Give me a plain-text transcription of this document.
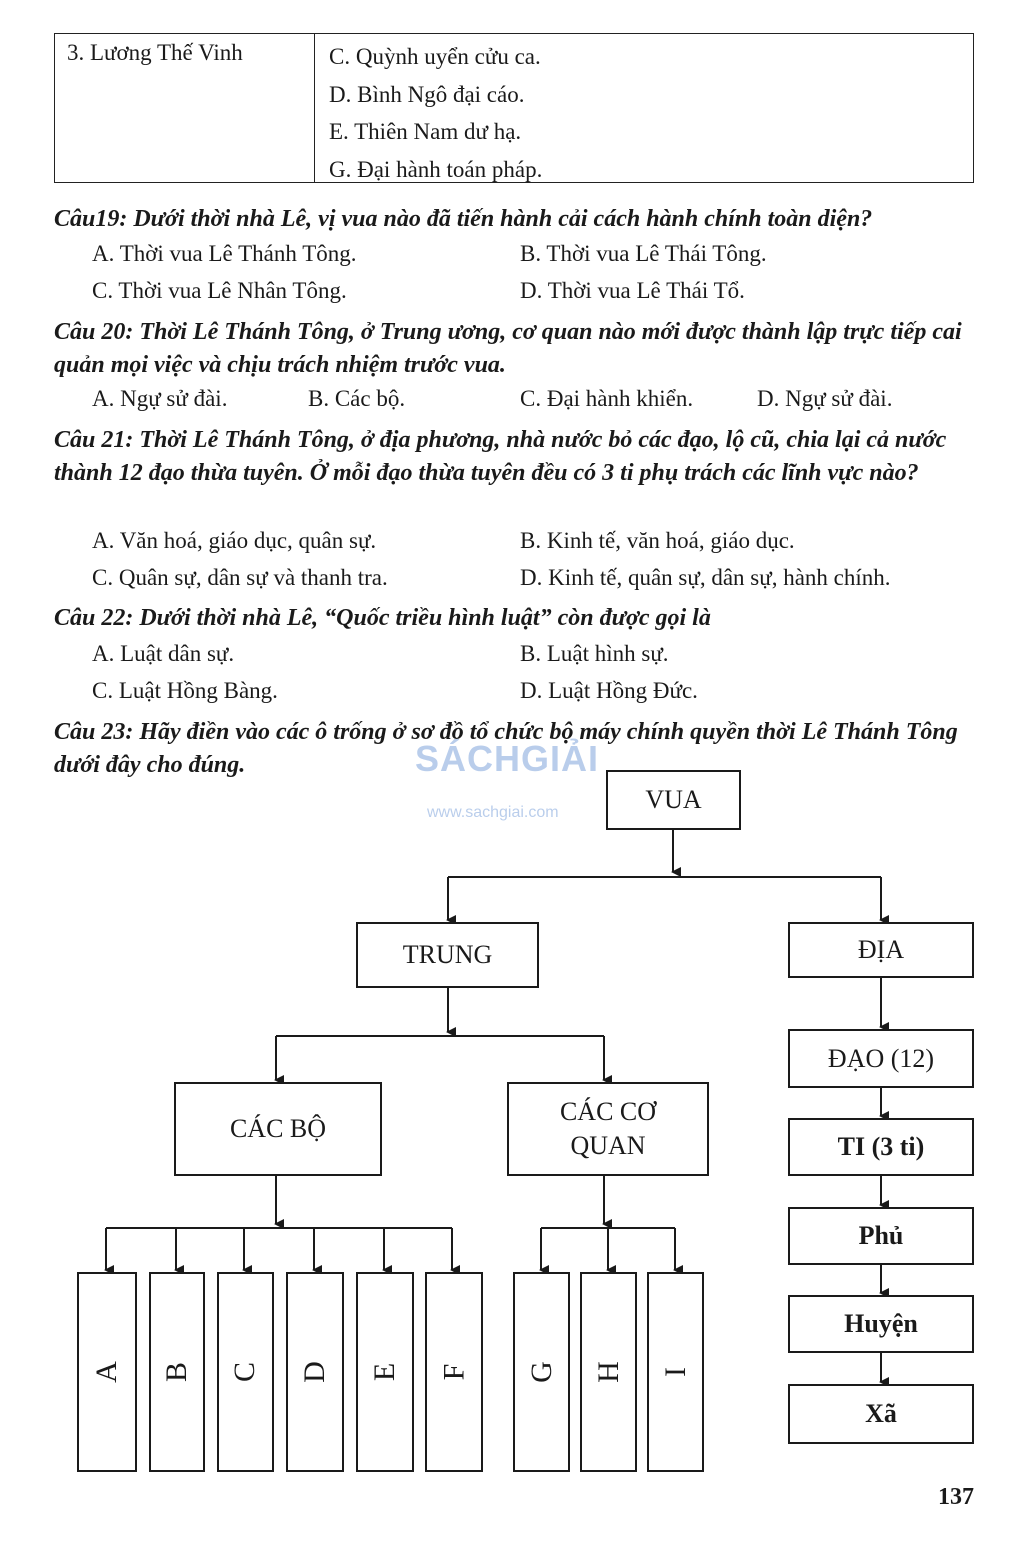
3. Lương Thế Vinh	C. Quỳnh uyển cửu ca.
D. Bình Ngô đại cáo.
E. Thiên Nam dư hạ.
G. Đại hành toán pháp.
Câu19: Dưới thời nhà Lê, vị vua nào đã tiến hành cải cách hành chính toàn diện?
A. Thời vua Lê Thánh Tông.	B. Thời vua Lê Thái Tông.
C. Thời vua Lê Nhân Tông.	D. Thời vua Lê Thái Tổ.
Câu 20: Thời Lê Thánh Tông, ở Trung ương, cơ quan nào mới được thành lập trực tiếp cai quản mọi việc và chịu trách nhiệm trước vua.
A. Ngự sử đài.	B. Các bộ.	C. Đại hành khiển.	D. Ngự sử đài.
Câu 21: Thời Lê Thánh Tông, ở địa phương, nhà nước bỏ các đạo, lộ cũ, chia lại cả nước thành 12 đạo thừa tuyên. Ở mỗi đạo thừa tuyên đều có 3 ti phụ trách các lĩnh vực nào?
A. Văn hoá, giáo dục, quân sự.	B. Kinh tế, văn hoá, giáo dục.
C. Quân sự, dân sự và thanh tra.	D. Kinh tế, quân sự, dân sự, hành chính.
Câu 22: Dưới thời nhà Lê, “Quốc triều hình luật” còn được gọi là
A. Luật dân sự.	B. Luật hình sự.
C. Luật Hồng Bàng.	D. Luật Hồng Đức.
Câu 23: Hãy điền vào các ô trống ở sơ đồ tổ chức bộ máy chính quyền thời Lê Thánh Tông dưới đây cho đúng.	SÁCHGIẢI
www.sachgiai.com	VUA
TRUNG	ĐỊA
CÁC BỘ
CÁC CƠ
QUAN
ĐẠO (12)
TI (3 ti)
Phủ
Huyện
Xã
A B C D E F G H I
137
